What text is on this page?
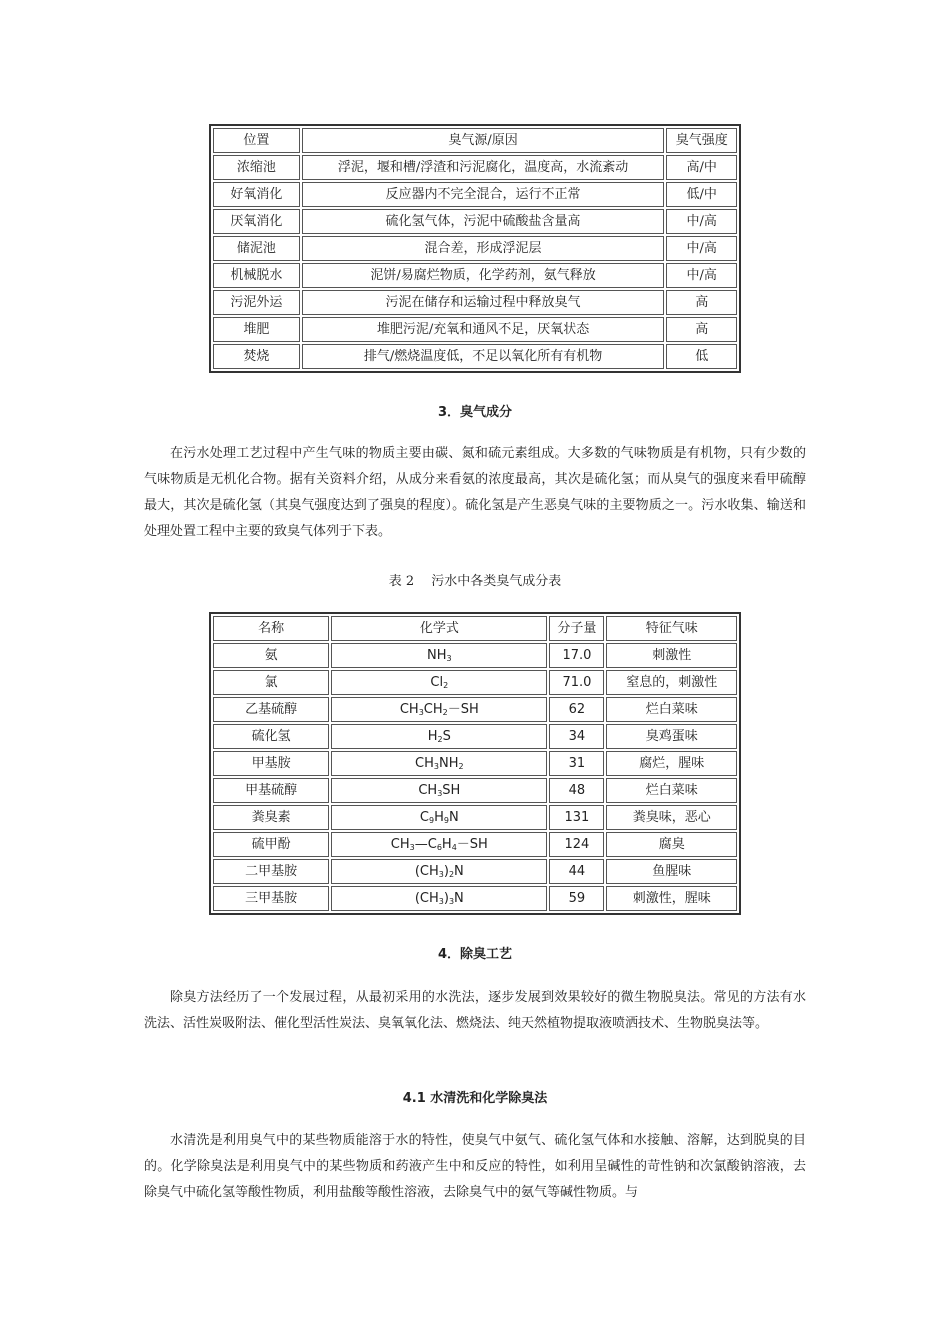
位置	臭气源/原因	臭气强度
浓缩池	浮泥，堰和槽/浮渣和污泥腐化，温度高，水流紊动	高/中
好氧消化	反应器内不完全混合，运行不正常	低/中
厌氧消化	硫化氢气体，污泥中硫酸盐含量高	中/高
储泥池	混合差，形成浮泥层	中/高
机械脱水	泥饼/易腐烂物质，化学药剂，氨气释放	中/高
污泥外运	污泥在储存和运输过程中释放臭气	高
堆肥	堆肥污泥/充氧和通风不足，厌氧状态	高
焚烧	排气/燃烧温度低，不足以氧化所有有机物	低
3．臭气成分

在污水处理工艺过程中产生气味的物质主要由碳、氮和硫元素组成。大多数的气味物质是有机物，只有少数的气味物质是无机化合物。据有关资料介绍，从成分来看氨的浓度最高，其次是硫化氢；而从臭气的强度来看甲硫醇最大，其次是硫化氢（其臭气强度达到了强臭的程度）。硫化氢是产生恶臭气味的主要物质之一。污水收集、输送和处理处置工程中主要的致臭气体列于下表。

表 2　 污水中各类臭气成分表
名称	化学式	分子量	特征气味
氨	$NH_3$	17.0	刺激性
氯	$Cl_2$	71.0	窒息的，刺激性
乙基硫醇	$CH_3CH_2-SH$	62	烂白菜味
硫化氢	$H_2S$	34	臭鸡蛋味
甲基胺	$CH_3NH_2$	31	腐烂，腥味
甲基硫醇	$CH_3SH$	48	烂白菜味
粪臭素	$C_9H_9N$	131	粪臭味，恶心
硫甲酚	$CH_3—C_6H_4-SH$	124	腐臭
二甲基胺	$(CH_3)_2N$	44	鱼腥味
三甲基胺	$(CH_3)_3N$	59	刺激性，腥味
4．除臭工艺

除臭方法经历了一个发展过程，从最初采用的水洗法，逐步发展到效果较好的微生物脱臭法。常见的方法有水洗法、活性炭吸附法、催化型活性炭法、臭氧氧化法、燃烧法、纯天然植物提取液喷洒技术、生物脱臭法等。

4.1 水清洗和化学除臭法

水清洗是利用臭气中的某些物质能溶于水的特性，使臭气中氨气、硫化氢气体和水接触、溶解，达到脱臭的目的。化学除臭法是利用臭气中的某些物质和药液产生中和反应的特性，如利用呈碱性的苛性钠和次氯酸钠溶液，去除臭气中硫化氢等酸性物质，利用盐酸等酸性溶液，去除臭气中的氨气等碱性物质。与
